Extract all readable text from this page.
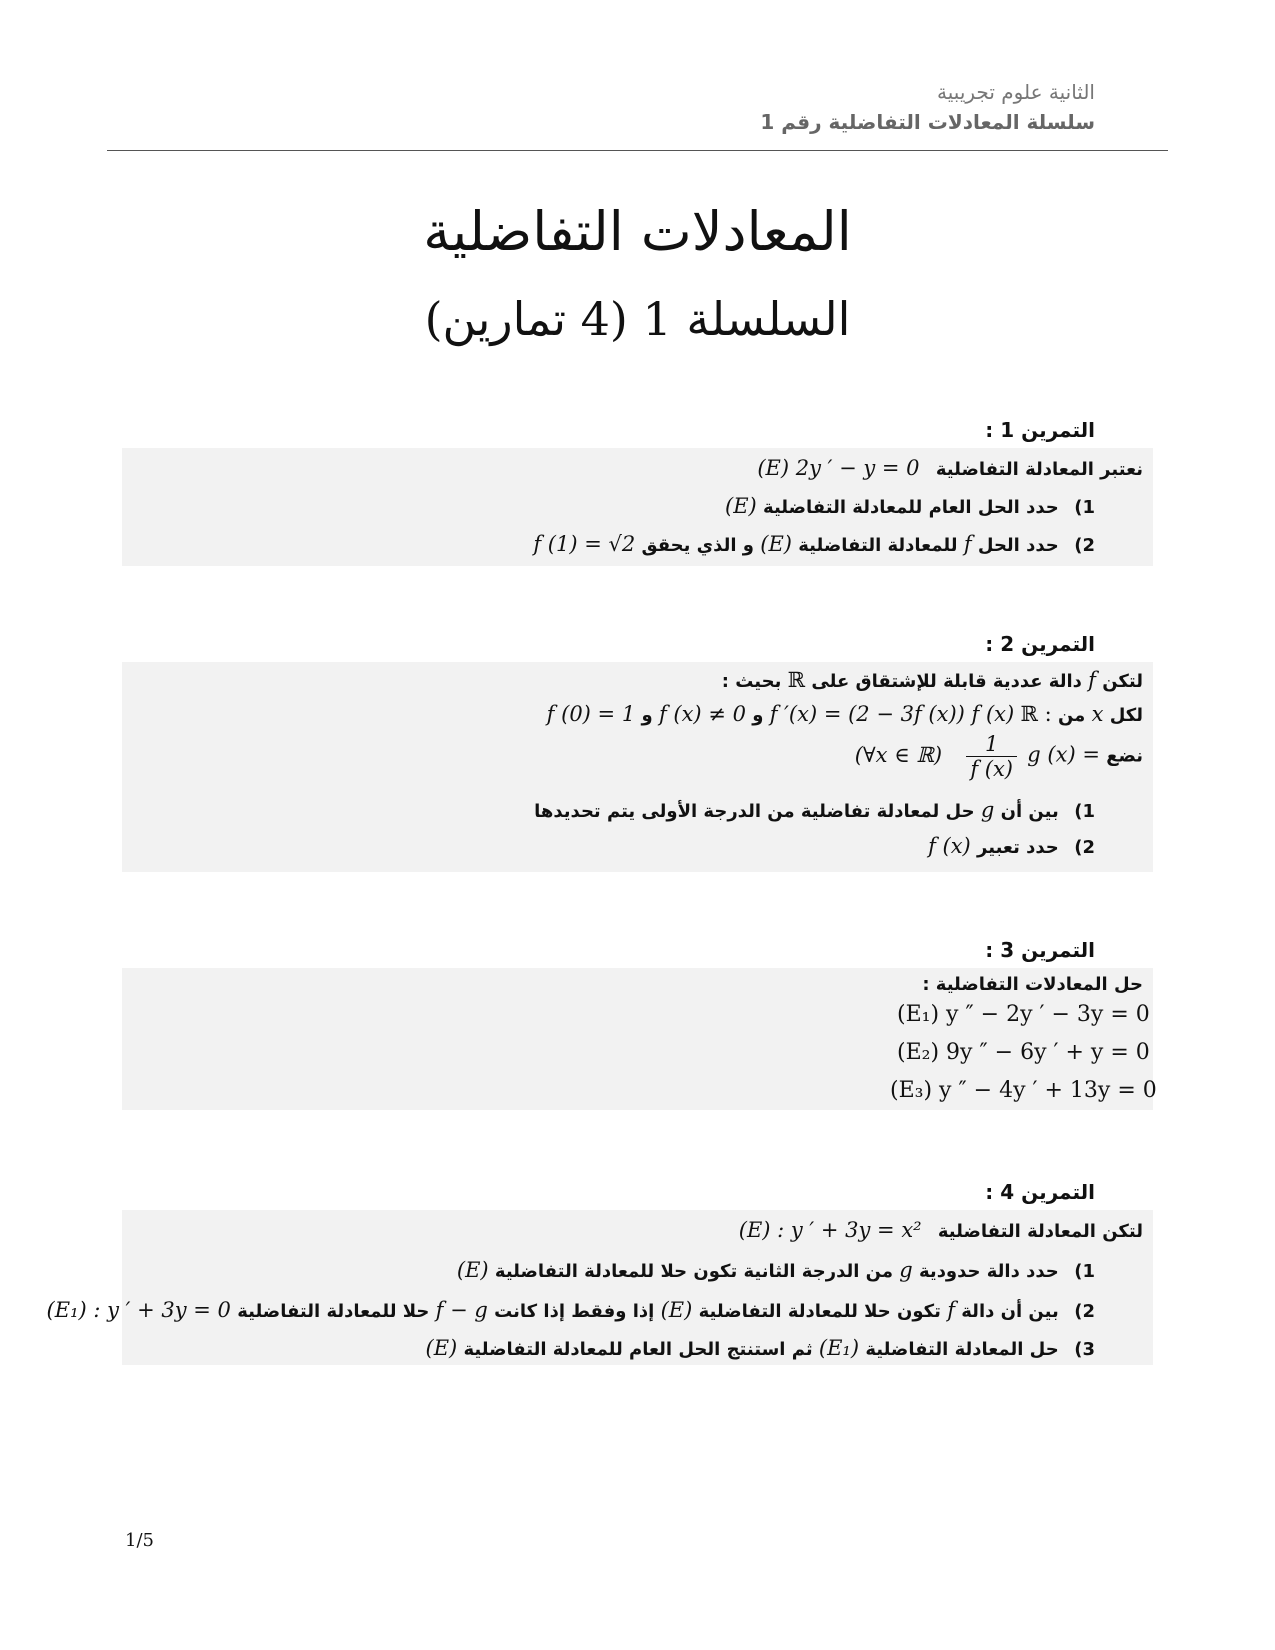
الثانية علوم تجريبية
سلسلة المعادلات التفاضلية رقم 1
المعادلات التفاضلية
السلسلة 1 (4 تمارين)
التمرين 1 :
نعتبر المعادلة التفاضلية (E) 2y ′ − y = 0
1) حدد الحل العام للمعادلة التفاضلية (E)
2) حدد الحل f للمعادلة التفاضلية (E) و الذي يحقق f (1) = √2
التمرين 2 :
لتكن f دالة عددية قابلة للإشتقاق على ℝ بحيث :
لكل x من ℝ : f ′(x) = (2 − 3f (x)) f (x) و f (x) ≠ 0 و f (0) = 1
نضع g (x) =
$\frac{1}{f (x)}$
(∀x ∈ ℝ)
1) بين أن g حل لمعادلة تفاضلية من الدرجة الأولى يتم تحديدها
2) حدد تعبير f (x)
التمرين 3 :
حل المعادلات التفاضلية :
(E₁) y ″ − 2y ′ − 3y = 0
(E₂) 9y ″ − 6y ′ + y = 0
(E₃) y ″ − 4y ′ + 13y = 0
التمرين 4 :
لتكن المعادلة التفاضلية (E) : y ′ + 3y = x²
1) حدد دالة حدودية g من الدرجة الثانية تكون حلا للمعادلة التفاضلية (E)
2) بين أن دالة f تكون حلا للمعادلة التفاضلية (E) إذا وفقط إذا كانت f − g حلا للمعادلة التفاضلية (E₁) : y ′ + 3y = 0
3) حل المعادلة التفاضلية (E₁) ثم استنتج الحل العام للمعادلة التفاضلية (E)
1/5
